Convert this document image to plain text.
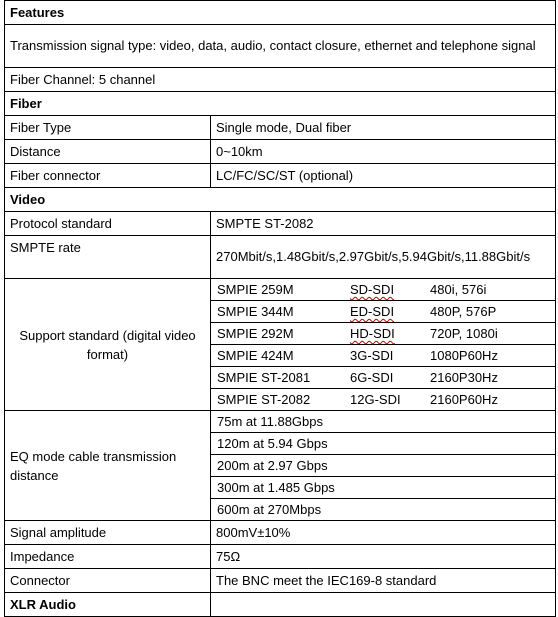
Features
Transmission signal type: video, data, audio, contact closure, ethernet and telephone signal
Fiber Channel: 5 channel
Fiber
Fiber Type	Single mode, Dual fiber
Distance	0~10km
Fiber connector	LC/FC/SC/ST (optional)
Video
Protocol standard	SMPTE ST-2082
SMPTE rate	270Mbit/s,1.48Gbit/s,2.97Gbit/s,5.94Gbit/s,11.88Gbit/s
Support standard (digital video format)	
SMPIE 259M	SD-SDI	480i, 576i
SMPIE 344M	ED-SDI	480P, 576P
SMPIE 292M	HD-SDI	720P, 1080i
SMPIE 424M	3G-SDI	1080P60Hz
SMPIE ST-2081	6G-SDI	2160P30Hz
SMPIE ST-2082	12G-SDI 2160P60Hz

EQ mode cable transmission distance	
75m at 11.88Gbps
120m at 5.94 Gbps
200m at 2.97 Gbps
300m at 1.485 Gbps
600m at 270Mbps

Signal amplitude	800mV±10%
Impedance	75Ω
Connector	The BNC meet the IEC169-8 standard
XLR Audio	
